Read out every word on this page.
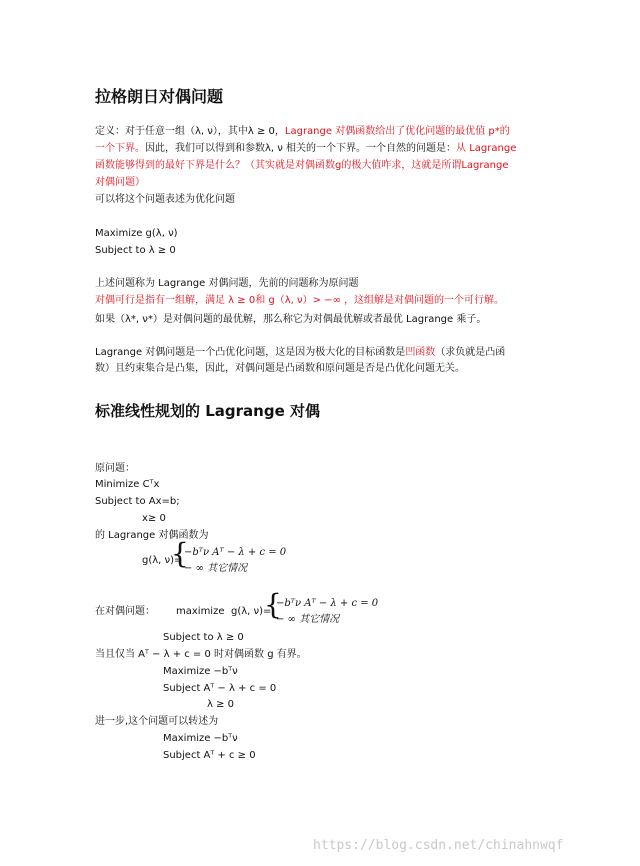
拉格朗日对偶问题
定义：对于任意一组（λ, ν），其中λ ≥ 0，Lagrange 对偶函数给出了优化问题的最优值 p*的
一个下界。因此，我们可以得到和参数λ, ν 相关的一个下界。一个自然的问题是：从 Lagrange
函数能够得到的最好下界是什么？（其实就是对偶函数g的极大值咋求，这就是所谓Lagrange
对偶问题）
可以将这个问题表述为优化问题
Maximize g(λ, ν)
Subject to λ ≥ 0
上述问题称为 Lagrange 对偶问题，先前的问题称为原问题
对偶可行是指有一组解，满足 λ ≥ 0和 g（λ, ν）> −∞ ，这组解是对偶问题的一个可行解。
如果（λ*, ν*）是对偶问题的最优解，那么称它为对偶最优解或者最优 Lagrange 乘子。
Lagrange 对偶问题是一个凸优化问题，这是因为极大化的目标函数是凹函数（求负就是凸函
数）且约束集合是凸集，因此，对偶问题是凸函数和原问题是否是凸优化问题无关。
标准线性规划的 Lagrange 对偶
原问题：
Minimize Cᵀx
Subject to Ax=b;
x≥ 0
的 Lagrange 对偶函数为
g(λ, ν)=
{
−bᵀν Aᵀ − λ + c = 0
− ∞ 其它情况
在对偶问题： maximize g(λ, ν)=
{
−bᵀν Aᵀ − λ + c = 0
− ∞ 其它情况
Subject to λ ≥ 0
当且仅当 Aᵀ − λ + c = 0 时对偶函数 g 有界。
Maximize −bᵀν
Subject Aᵀ − λ + c = 0
λ ≥ 0
进一步,这个问题可以转述为
Maximize −bᵀν
Subject Aᵀ + c ≥ 0
https://blog.csdn.net/chinahnwqf
